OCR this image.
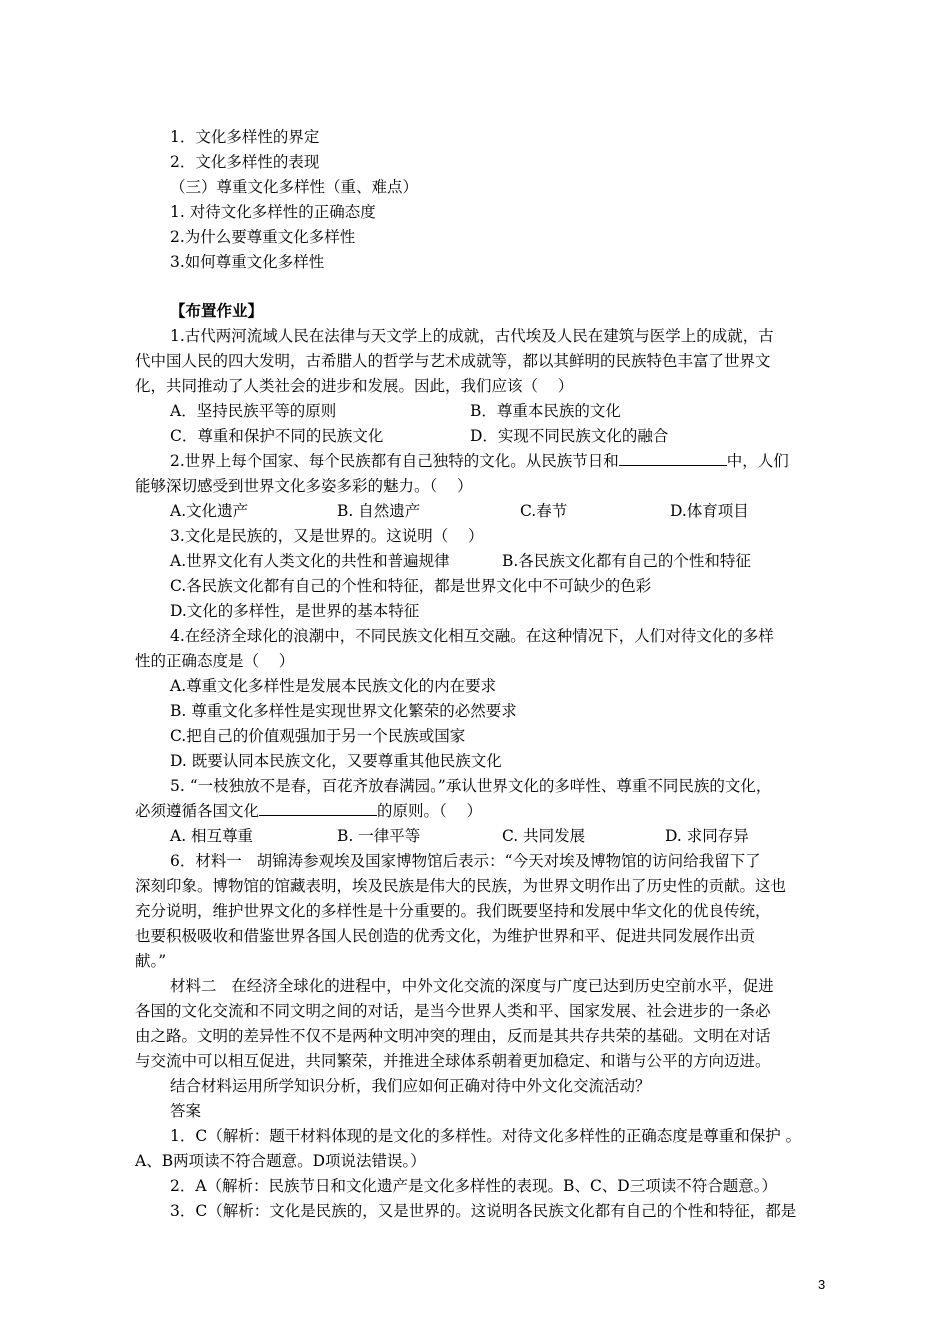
1．文化多样性的界定
2．文化多样性的表现
（三）尊重文化多样性（重、难点）
1. 对待文化多样性的正确态度
2.为什么要尊重文化多样性
3.如何尊重文化多样性
【布置作业】
1.古代两河流域人民在法律与天文学上的成就，古代埃及人民在建筑与医学上的成就，古
代中国人民的四大发明，古希腊人的哲学与艺术成就等，都以其鲜明的民族特色丰富了世界文
化，共同推动了人类社会的进步和发展。因此，我们应该（    ）
A．坚持民族平等的原则	B．尊重本民族的文化
C．尊重和保护不同的民族文化	D．实现不同民族文化的融合
2.世界上每个国家、每个民族都有自己独特的文化。从民族节日和	中，人们
能够深切感受到世界文化多姿多彩的魅力。（    ）
A.文化遗产	B. 自然遗产	C.春节	D.体育项目
3.文化是民族的，又是世界的。这说明（    ）
A.世界文化有人类文化的共性和普遍规律	B.各民族文化都有自己的个性和特征
C.各民族文化都有自己的个性和特征，都是世界文化中不可缺少的色彩
D.文化的多样性，是世界的基本特征
4.在经济全球化的浪潮中，不同民族文化相互交融。在这种情况下，人们对待文化的多样
性的正确态度是（    ）
A.尊重文化多样性是发展本民族文化的内在要求
B. 尊重文化多样性是实现世界文化繁荣的必然要求
C.把自己的价值观强加于另一个民族或国家
D. 既要认同本民族文化，又要尊重其他民族文化
5. “一枝独放不是春，百花齐放春满园。”承认世界文化的多咩性、尊重不同民族的文化，
必须遵循各国文化	的原则。（    ）
A. 相互尊重	B. 一律平等	C. 共同发展	D. 求同存异
6．材料一   胡锦涛参观埃及国家博物馆后表示：“今天对埃及博物馆的访问给我留下了
深刻印象。博物馆的馆藏表明，埃及民族是伟大的民族，为世界文明作出了历史性的贡献。这也
充分说明，维护世界文化的多样性是十分重要的。我们既要坚持和发展中华文化的优良传统，
也要积极吸收和借鉴世界各国人民创造的优秀文化，为维护世界和平、促进共同发展作出贡
献。”
材料二   在经济全球化的进程中，中外文化交流的深度与广度已达到历史空前水平，促进
各国的文化交流和不同文明之间的对话，是当今世界人类和平、国家发展、社会进步的一条必
由之路。文明的差异性不仅不是两种文明冲突的理由，反而是其共存共荣的基础。文明在对话
与交流中可以相互促进，共同繁荣，并推进全球体系朝着更加稳定、和谐与公平的方向迈进。
结合材料运用所学知识分析，我们应如何正确对待中外文化交流活动？
答案
1．C（解析：题干材料体现的是文化的多样性。对待文化多样性的正确态度是尊重和保护 。
A、B两项读不符合题意。D项说法错误。）
2．A（解析：民族节日和文化遗产是文化多样性的表现。B、C、D三项读不符合题意。）
3．C（解析：文化是民族的，又是世界的。这说明各民族文化都有自己的个性和特征，都是
3
